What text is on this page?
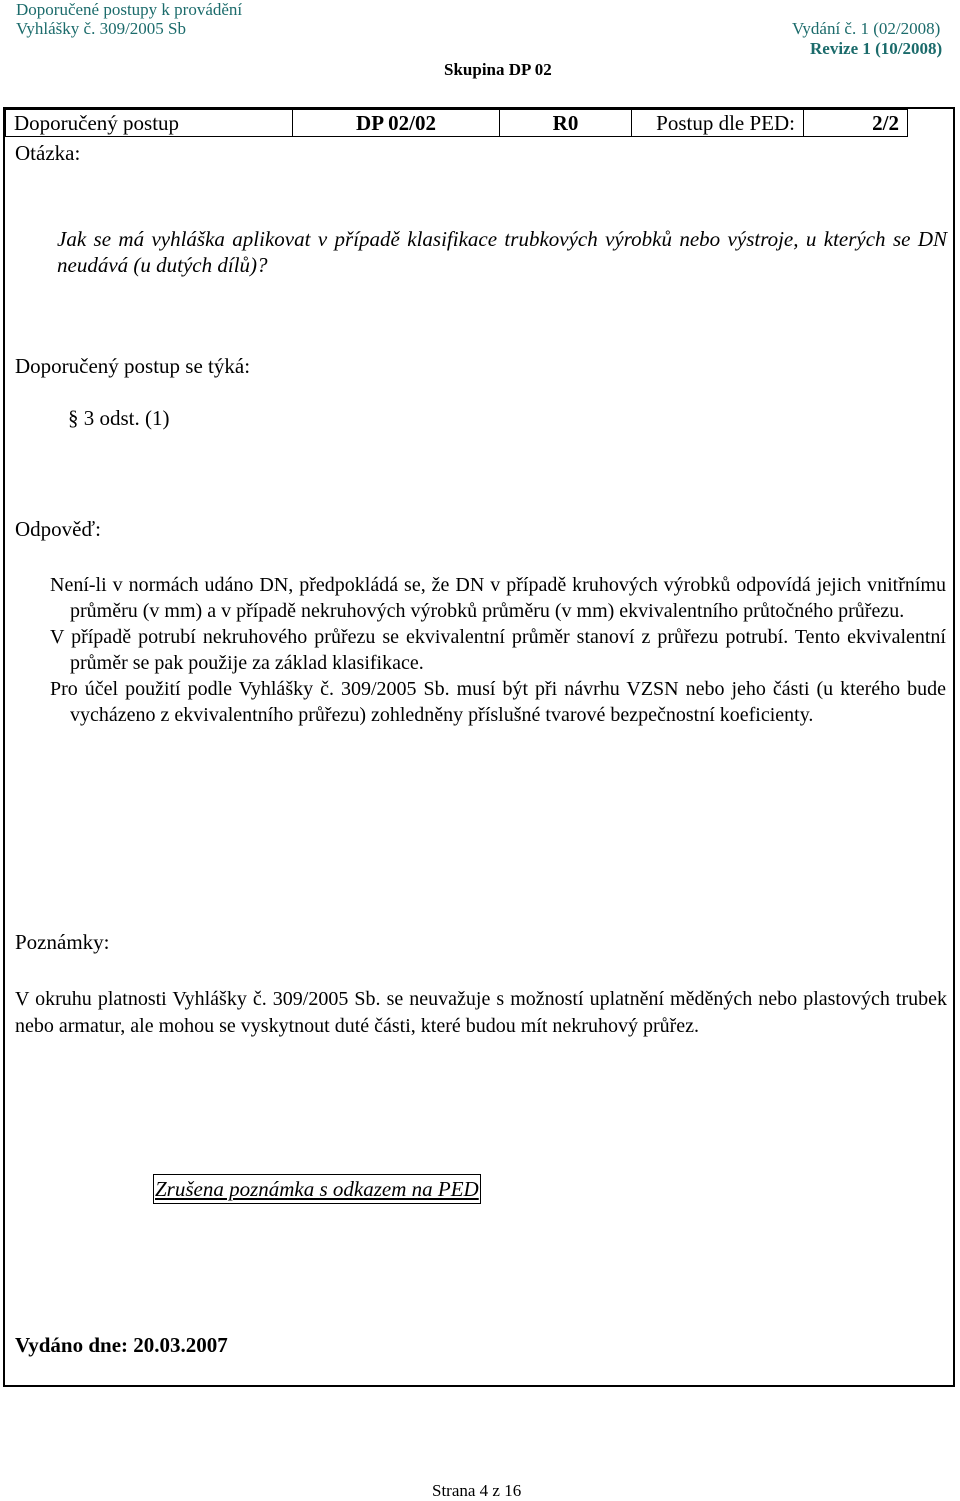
Doporučené postupy k provádění
Vyhlášky č. 309/2005 Sb	Vydání č. 1 (02/2008)
Revize 1 (10/2008)
Skupina DP 02
Doporučený postup	DP 02/02	R0	Postup dle PED:	2/2
Otázka:
Jak se má vyhláška aplikovat v případě klasifikace trubkových výrobků nebo výstroje, u kterých se DN neudává (u dutých dílů)?
Doporučený postup se týká:
§ 3 odst. (1)
Odpověď:

Není-li v normách udáno DN, předpokládá se, že DN v případě kruhových výrobků odpovídá jejich vnitřnímu průměru (v mm) a v případě nekruhových výrobků průměru (v mm) ekvivalentního průtočného průřezu.

V případě potrubí nekruhového průřezu se ekvivalentní průměr stanoví z průřezu potrubí. Tento ekvivalentní průměr se pak použije za základ klasifikace.

Pro účel použití podle Vyhlášky č. 309/2005 Sb. musí být při návrhu VZSN nebo jeho části (u kterého bude vycházeno z ekvivalentního průřezu) zohledněny příslušné tvarové bezpečnostní koeficienty.

Poznámky:
V okruhu platnosti Vyhlášky č. 309/2005 Sb. se neuvažuje s možností uplatnění měděných nebo plastových trubek nebo armatur, ale mohou se vyskytnout duté části, které budou mít nekruhový průřez.
Zrušena poznámka s odkazem na PED
Vydáno dne: 20.03.2007
Strana 4 z 16
